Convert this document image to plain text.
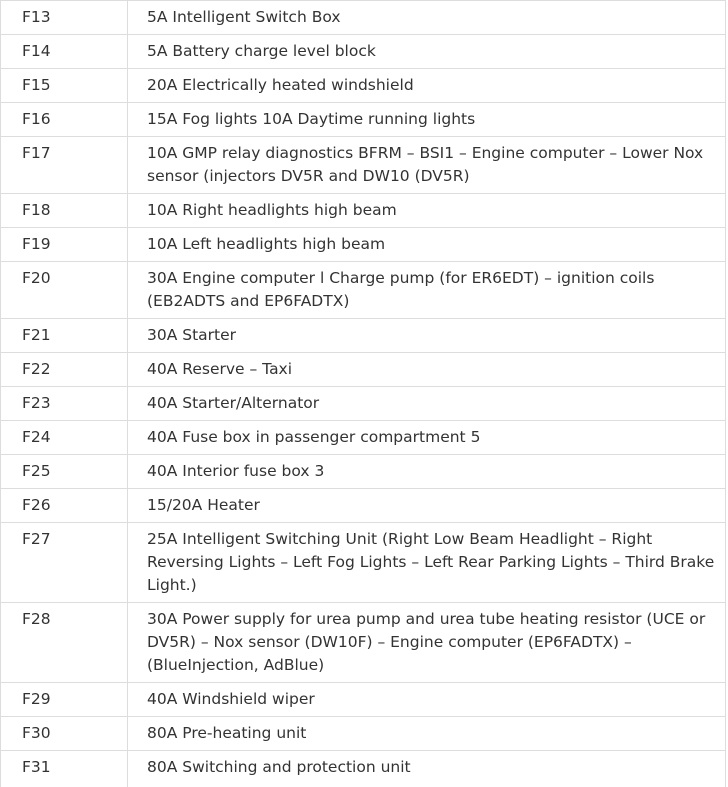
F13	5A Intelligent Switch Box
F14	5A Battery charge level block
F15	20A Electrically heated windshield
F16	15A Fog lights 10A Daytime running lights
F17	10A GMP relay diagnostics BFRM – BSI1 – Engine computer – Lower Nox sensor (injectors DV5R and DW10 (DV5R)
F18	10A Right headlights high beam
F19	10A Left headlights high beam
F20	30A Engine computer l Charge pump (for ER6EDT) – ignition coils (EB2ADTS and EP6FADTX)
F21	30A Starter
F22	40A Reserve – Taxi
F23	40A Starter/Alternator
F24	40A Fuse box in passenger compartment 5
F25	40A Interior fuse box 3
F26	15/20A Heater
F27	25A Intelligent Switching Unit (Right Low Beam Headlight – Right Reversing Lights – Left Fog Lights – Left Rear Parking Lights – Third Brake Light.)
F28	30A Power supply for urea pump and urea tube heating resistor (UCE or DV5R) – Nox sensor (DW10F) – Engine computer (EP6FADTX) – (BlueInjection, AdBlue)
F29	40A Windshield wiper
F30	80A Pre-heating unit
F31	80A Switching and protection unit
